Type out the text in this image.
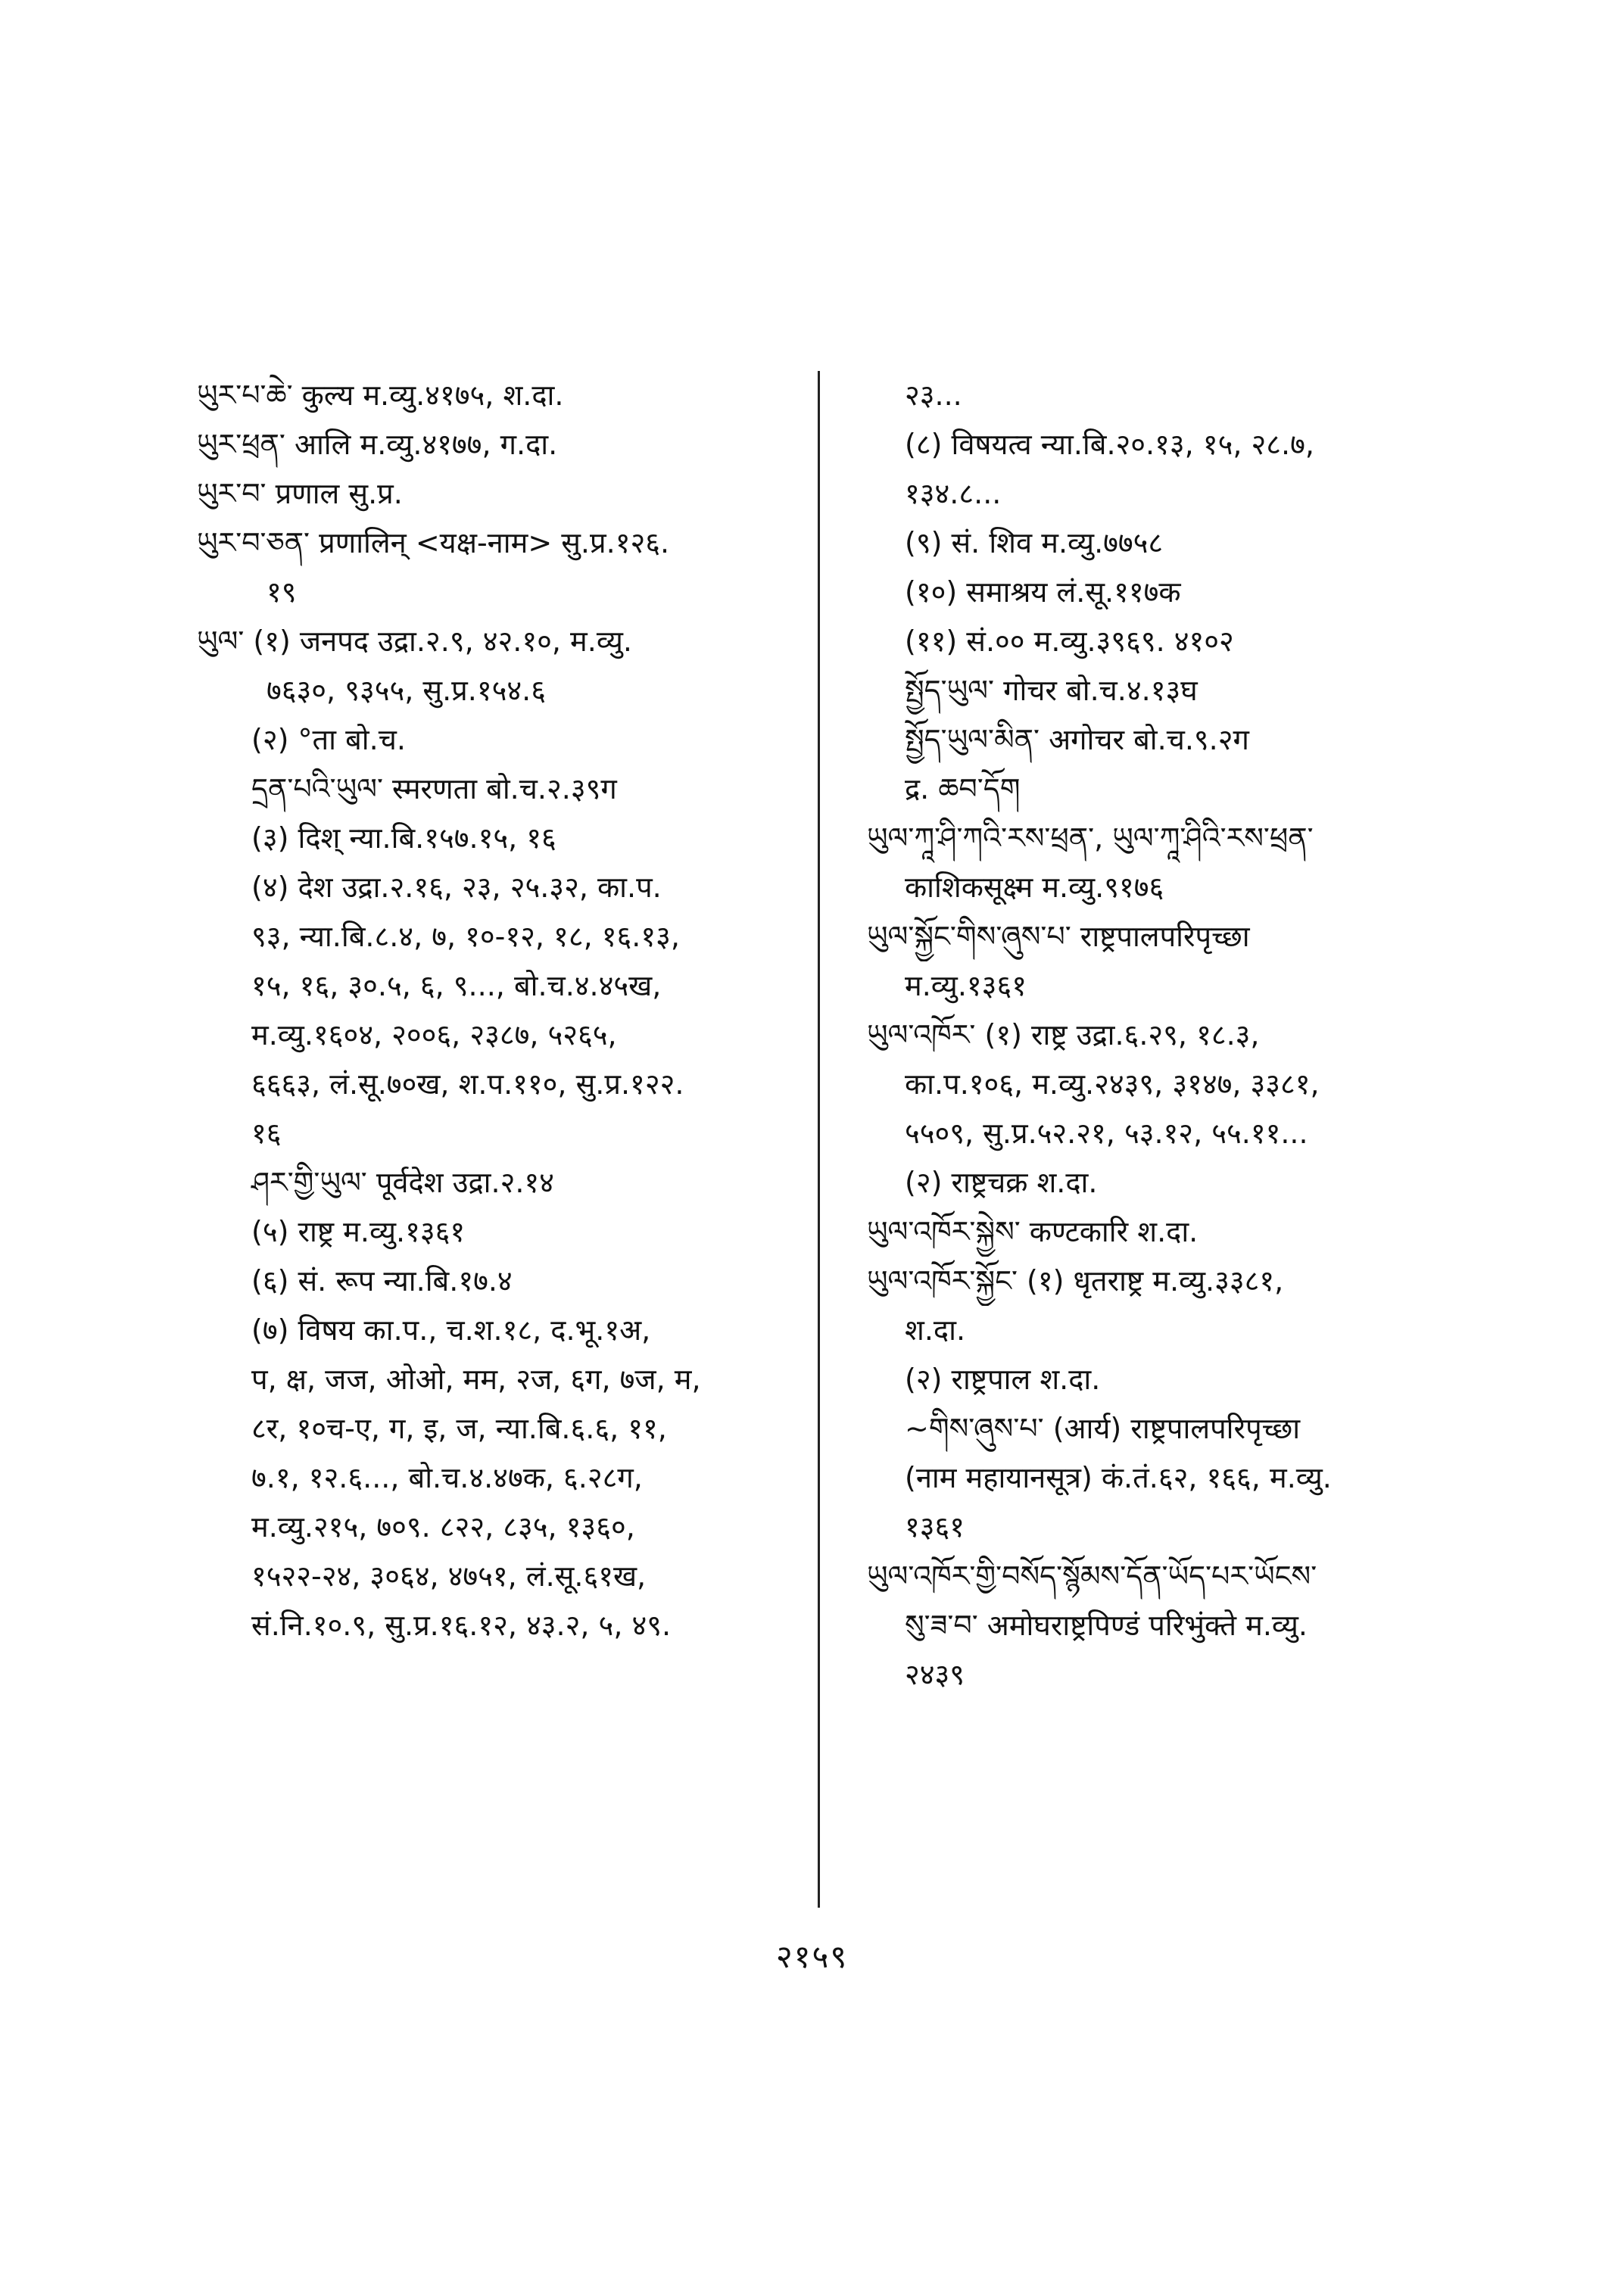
ཡུར་པ་ཆེ་ कुल्य म.व्यु.४१७५, श.दा.
ཡུར་ཕྲན་ आलि म.व्यु.४१७७, ग.दा.
ཡུར་བ་ प्रणाल सु.प्र.
ཡུར་བ་ཅན་ प्रणालिन् <यक्ष-नाम> सु.प्र.१२६.
१९
ཡུལ་ (१) जनपद उद्रा.२.९, ४२.१०, म.व्यु.
७६३०, ९३५५, सु.प्र.१५४.६
(२) °ता बो.च.
དྲན་པའི་ཡུལ་ स्मरणता बो.च.२.३९ग
(३) दिश् न्या.बि.१५७.१५, १६
(४) देश उद्रा.२.१६, २३, २५.३२, का.प.
९३, न्या.बि.८.४, ७, १०-१२, १८, १६.१३,
१५, १६, ३०.५, ६, ९..., बो.च.४.४५ख,
म.व्यु.१६०४, २००६, २३८७, ५२६५,
६६६३, लं.सू.७०ख, श.प.११०, सु.प्र.१२२.
१६
ཤར་གྱི་ཡུལ་ पूर्वदेश उद्रा.२.१४
(५) राष्ट्र म.व्यु.१३६१
(६) सं. रूप न्या.बि.१७.४
(७) विषय का.प., च.श.१८, द.भू.१अ,
प, क्ष, जज, ओओ, मम, २ज, ६ग, ७ज, म,
८र, १०च-ए, ग, इ, ज, न्या.बि.६.६, ११,
७.१, १२.६..., बो.च.४.४७क, ६.२८ग,
म.व्यु.२१५, ७०९. ८२२, ८३५, १३६०,
१५२२-२४, ३०६४, ४७५१, लं.सू.६१ख,
सं.नि.१०.९, सु.प्र.१६.१२, ४३.२, ५, ४९.
२३...
(८) विषयत्व न्या.बि.२०.१३, १५, २८.७,
१३४.८...
(९) सं. शिव म.व्यु.७७५८
(१०) समाश्रय लं.सू.११७क
(११) सं.०० म.व्यु.३९६९. ४१०२
སྤྱོད་ཡུལ་ गोचर बो.च.४.१३घ
སྤྱོད་ཡུལ་མིན་ अगोचर बो.च.९.२ग
द्र. ཆབ་དོག
ཡུལ་ཀཱ་ཤི་ཀའི་རས་ཕྲན་, ཡུལ་ཀཱ་ཤིའི་རས་ཕྲན་
काशिकसूक्ष्म म.व्यु.९१७६
ཡུལ་སྐྱོང་གིས་ཞུས་པ་ राष्ट्रपालपरिपृच्छा
म.व्यु.१३६१
ཡུལ་འཁོར་ (१) राष्ट्र उद्रा.६.२९, १८.३,
का.प.१०६, म.व्यु.२४३९, ३१४७, ३३८१,
५५०९, सु.प्र.५२.२१, ५३.१२, ५५.११...
(२) राष्ट्रचक्र श.दा.
ཡུལ་འཁོར་སྐྱེས་ कण्टकारि श.दा.
ཡུལ་འཁོར་སྐྱོང་ (१) धृतराष्ट्र म.व्यु.३३८१,
श.दा.
(२) राष्ट्रपाल श.दा.
~གིས་ཞུས་པ་ (आर्य) राष्ट्रपालपरिपृच्छा
(नाम महायानसूत्र) कं.तं.६२, १६६, म.व्यु.
१३६१
ཡུལ་འཁོར་གྱི་བསོད་སྙོམས་དོན་ཡོད་པར་ཡོངས་
སུ་ཟ་བ་ अमोघराष्ट्रपिण्डं परिभुंक्ते म.व्यु.
२४३९
२१५९
